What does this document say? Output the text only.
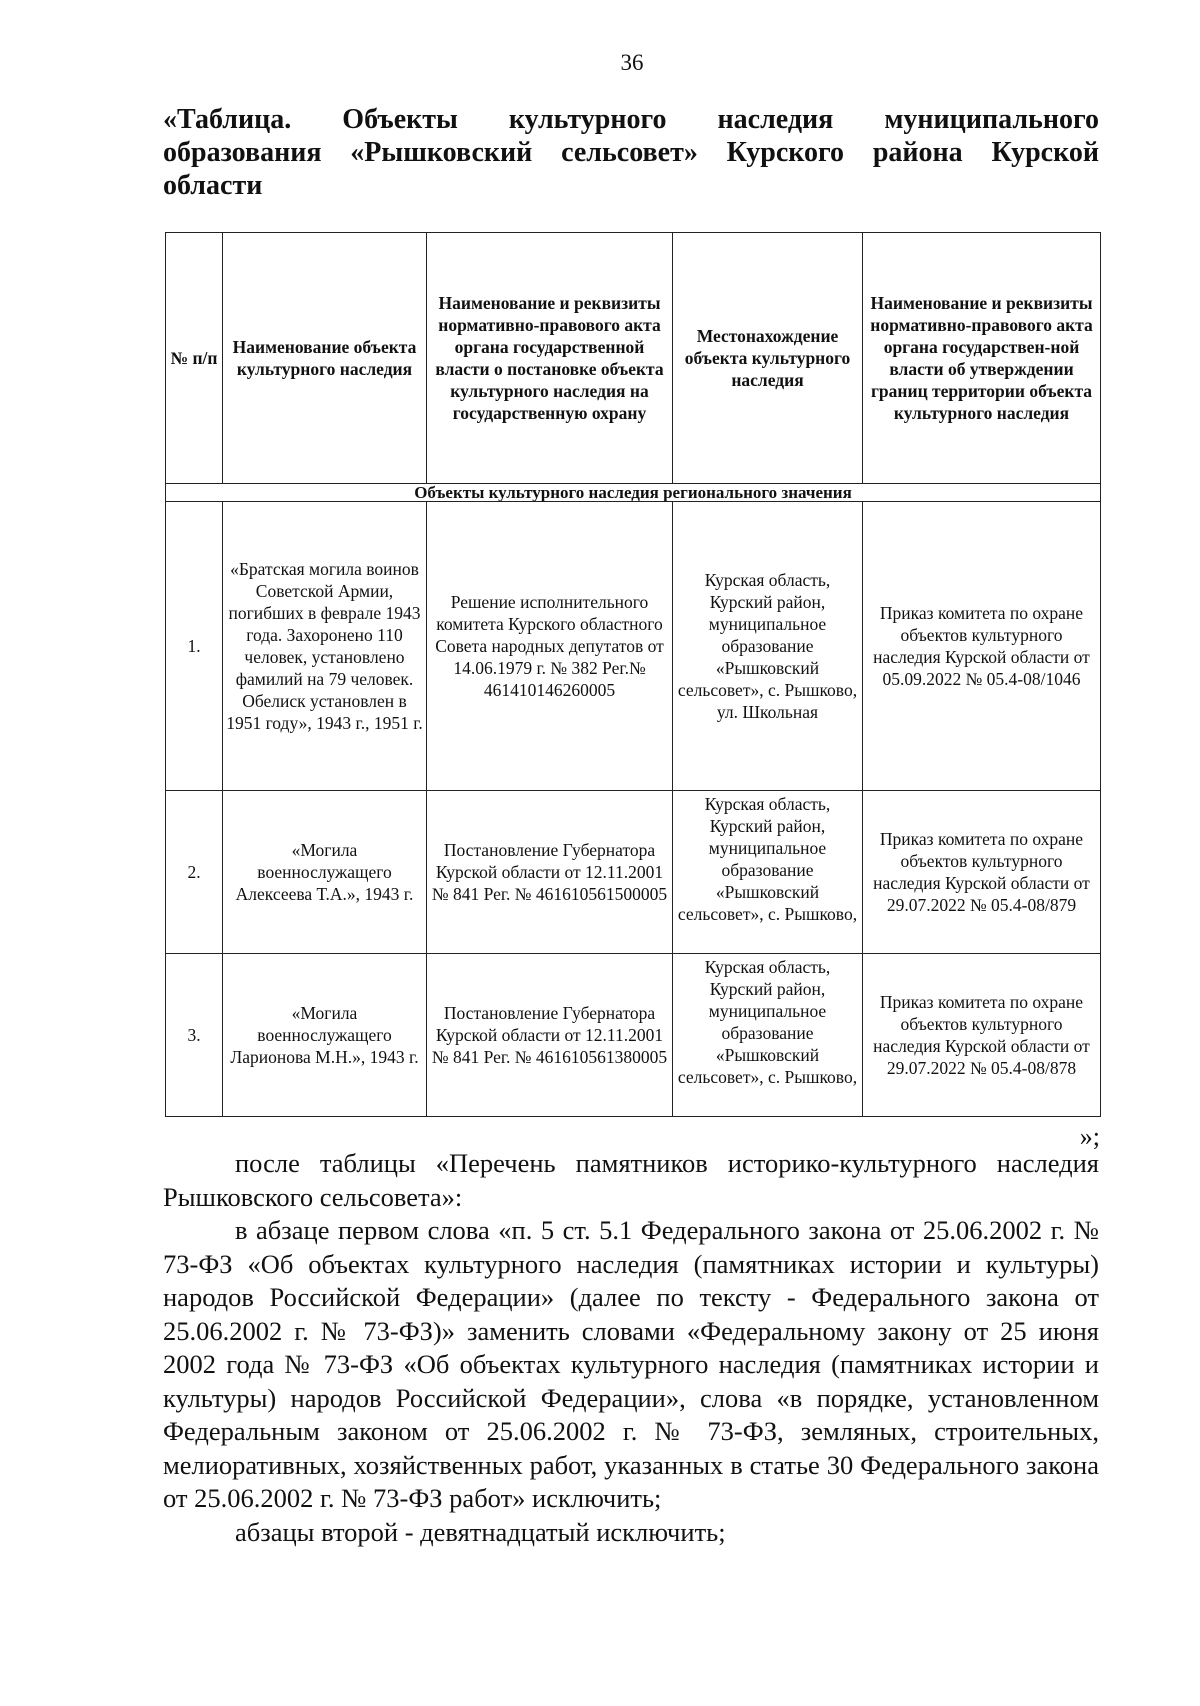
36
«Таблица. Объекты культурного наследия муниципального
образования «Рышковский сельсовет» Курского района Курской
области
№ п/п	Наименование объекта культурного наследия	Наименование и реквизиты нормативно-правового акта органа государственной власти о постановке объекта культурного наследия на государственную охрану	Местонахождение объекта культурного наследия	Наименование и реквизиты нормативно-правового акта органа государствен-ной власти об утверждении границ территории объекта культурного наследия
Объекты культурного наследия регионального значения				
1.	«Братская могила воинов Советской Армии, погибших в феврале 1943 года. Захоронено 110 человек, установлено фамилий на 79 человек. Обелиск установлен в 1951 году», 1943 г., 1951 г.	Решение исполнительного комитета Курского областного Совета народных депутатов от 14.06.1979 г. № 382 Рег.№ 461410146260005	Курская область, Курский район, муниципальное образование «Рышковский сельсовет», с. Рышково, ул. Школьная	Приказ комитета по охране объектов культурного наследия Курской области от 05.09.2022 № 05.4-08/1046
2.	«Могила военнослужащего Алексеева Т.А.», 1943 г.	Постановление Губернатора Курской области от 12.11.2001 № 841 Рег. № 461610561500005	Курская область, Курский район, муниципальное образование «Рышковский сельсовет», с. Рышково,	Приказ комитета по охране объектов культурного наследия Курской области от 29.07.2022 № 05.4-08/879
3.	«Могила военнослужащего Ларионова М.Н.», 1943 г.	Постановление Губернатора Курской области от 12.11.2001 № 841 Рег. № 461610561380005	Курская область, Курский район, муниципальное образование «Рышковский сельсовет», с. Рышково,	Приказ комитета по охране объектов культурного наследия Курской области от 29.07.2022 № 05.4-08/878
»;

после таблицы «Перечень памятников историко-культурного наследия Рышковского сельсовета»:

в абзаце первом слова «п. 5 ст. 5.1 Федерального закона от 25.06.2002 г. № 73-ФЗ «Об объектах культурного наследия (памятниках истории и культуры) народов Российской Федерации» (далее по тексту - Федерального закона от 25.06.2002 г. № 73-ФЗ)» заменить словами «Федеральному закону от 25 июня 2002 года № 73-ФЗ «Об объектах культурного наследия (памятниках истории и культуры) народов Российской Федерации», слова «в порядке, установленном Федеральным законом от 25.06.2002 г. № 73-ФЗ, земляных, строительных, мелиоративных, хозяйственных работ, указанных в статье 30 Федерального закона от 25.06.2002 г. № 73-ФЗ работ» исключить;

абзацы второй - девятнадцатый исключить;
